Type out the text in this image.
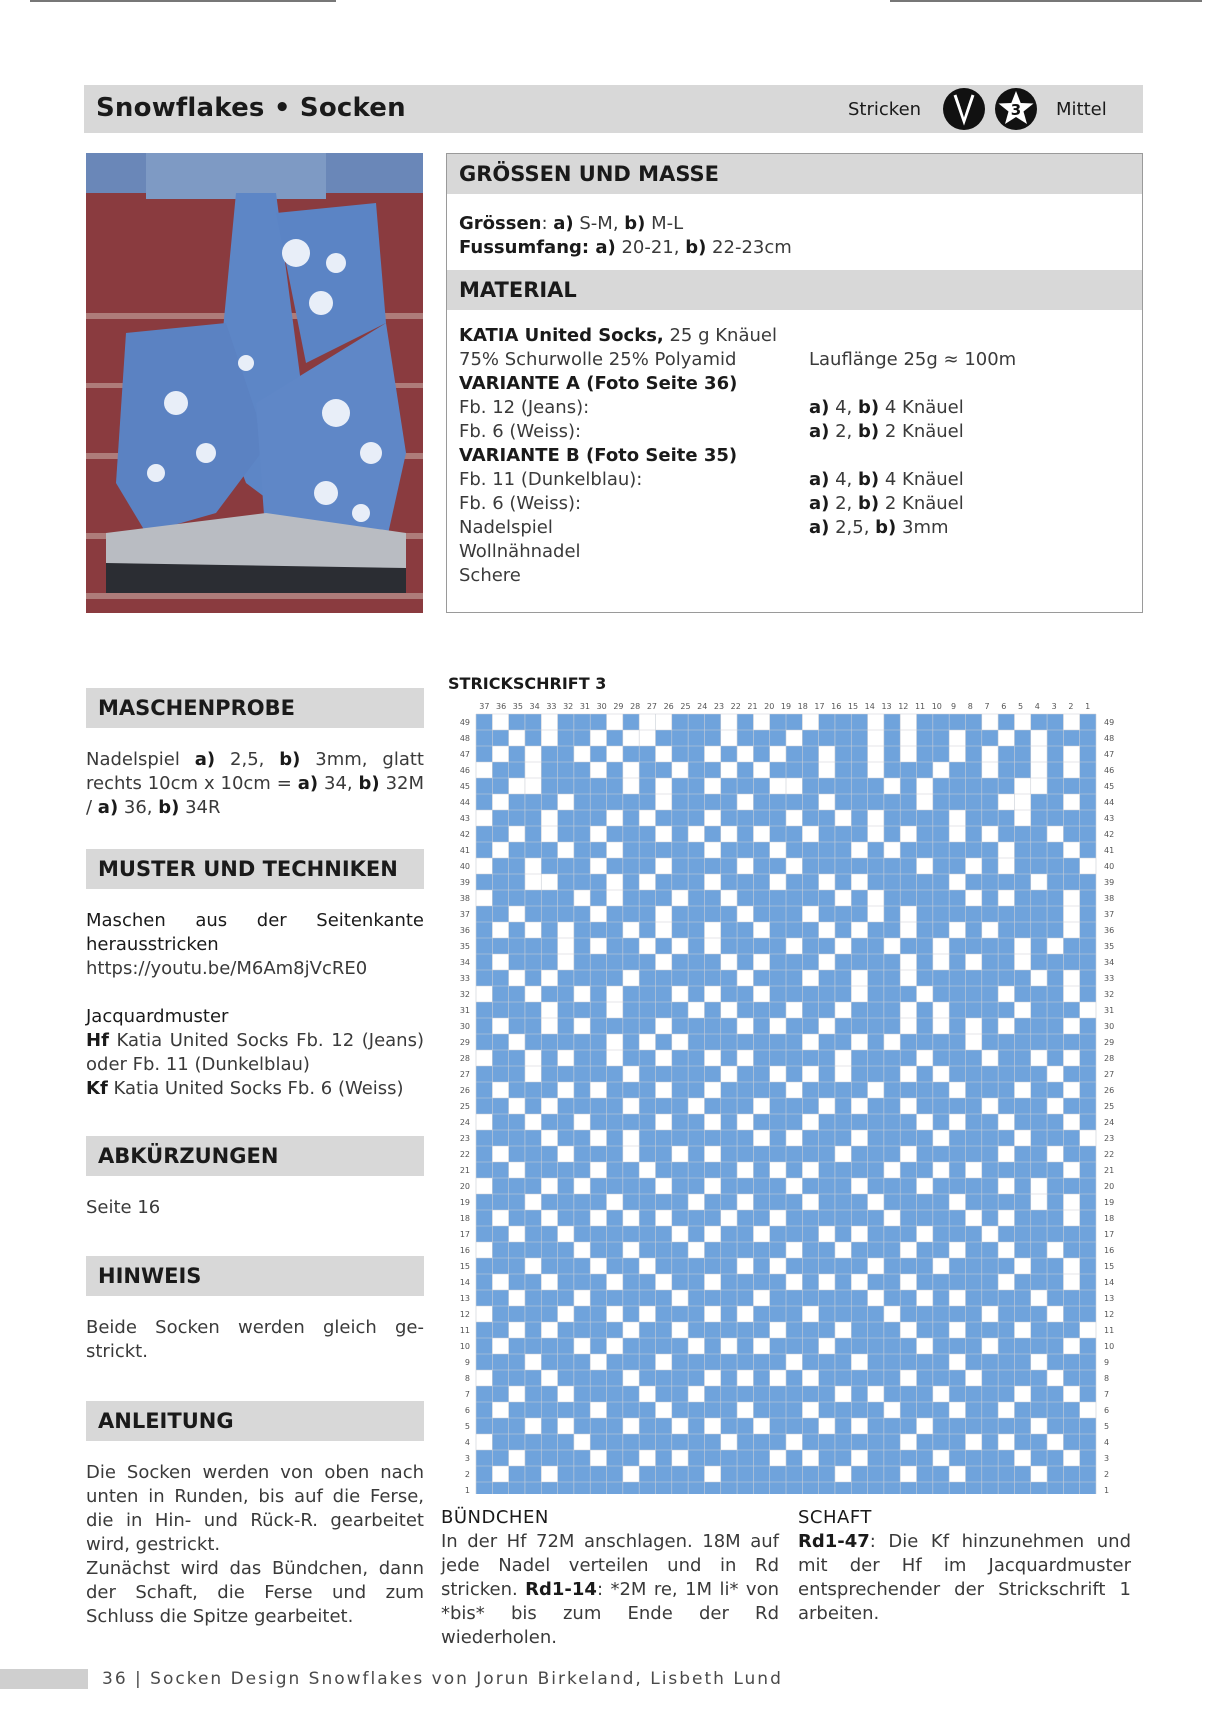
Snowflakes • Socken	Stricken	3 Mittel
GRÖSSEN UND MASSE
Grössen: a) S-M, b) M-L
Fussumfang: a) 20-21, b) 22-23cm
MATERIAL
KATIA United Socks, 25 g Knäuel
75% Schurwolle 25% Polyamid	Lauflänge 25g ≈ 100m
VARIANTE A (Foto Seite 36)
Fb. 12 (Jeans):	a) 4, b) 4 Knäuel
Fb. 6 (Weiss):	a) 2, b) 2 Knäuel
VARIANTE B (Foto Seite 35)
Fb. 11 (Dunkelblau):	a) 4, b) 4 Knäuel
Fb. 6 (Weiss):	a) 2, b) 2 Knäuel
Nadelspiel	a) 2,5, b) 3mm
Wollnähnadel
Schere
MASCHENPROBE
Nadelspiel a) 2,5, b) 3mm, glatt rechts 10cm x 10cm = a) 34, b) 32M / a) 36, b) 34R
MUSTER UND TECHNIKEN
Maschen aus der Seitenkante herausstricken
https://youtu.be/M6Am8jVcRE0
Jacquardmuster
Hf Katia United Socks Fb. 12 (Jeans) oder Fb. 11 (Dunkelblau)
Kf Katia United Socks Fb. 6 (Weiss)
ABKÜRZUNGEN
Seite 16
HINWEIS
Beide Socken werden gleich ge-strickt.
ANLEITUNG
Die Socken werden von oben nach unten in Runden, bis auf die Ferse, die in Hin- und Rück-R. gearbeitet wird, gestrickt.
Zunächst wird das Bündchen, dann der Schaft, die Ferse und zum Schluss die Spitze gearbeitet.
STRICKSCHRIFT 3
37 36 35 34 33 32 31 30 29 28 27 26 25 24 23 22 21 20 19 18 17 16 15 14 13 12 11 10 9 8 7 6 5 4 3 2 1
49	49
48	48
47	47
46	46
45	45
44	44
43	43
42	42
41	41
40	40
39	39
38	38
37	37
36	36
35	35
34	34
33	33
32	32
31	31
30	30
29	29
28	28
27	27
26	26
25	25
24	24
23	23
22	22
21	21
20	20
19	19
18	18
17	17
16	16
15	15
14	14
13	13
12	12
11	11
10	10
9	9
8	8
7	7
6	6
5	5
4	4
3	3
2	2
1	1
BÜNDCHEN
In der Hf 72M anschlagen. 18M auf jede Nadel verteilen und in Rd stricken. Rd1-14: *2M re, 1M li* von *bis* bis zum Ende der Rd wiederholen.
SCHAFT
Rd1-47: Die Kf hinzunehmen und mit der Hf im Jacquardmuster entsprechender der Strickschrift 1 arbeiten.
36 | Socken Design Snowflakes von Jorun Birkeland, Lisbeth Lund
